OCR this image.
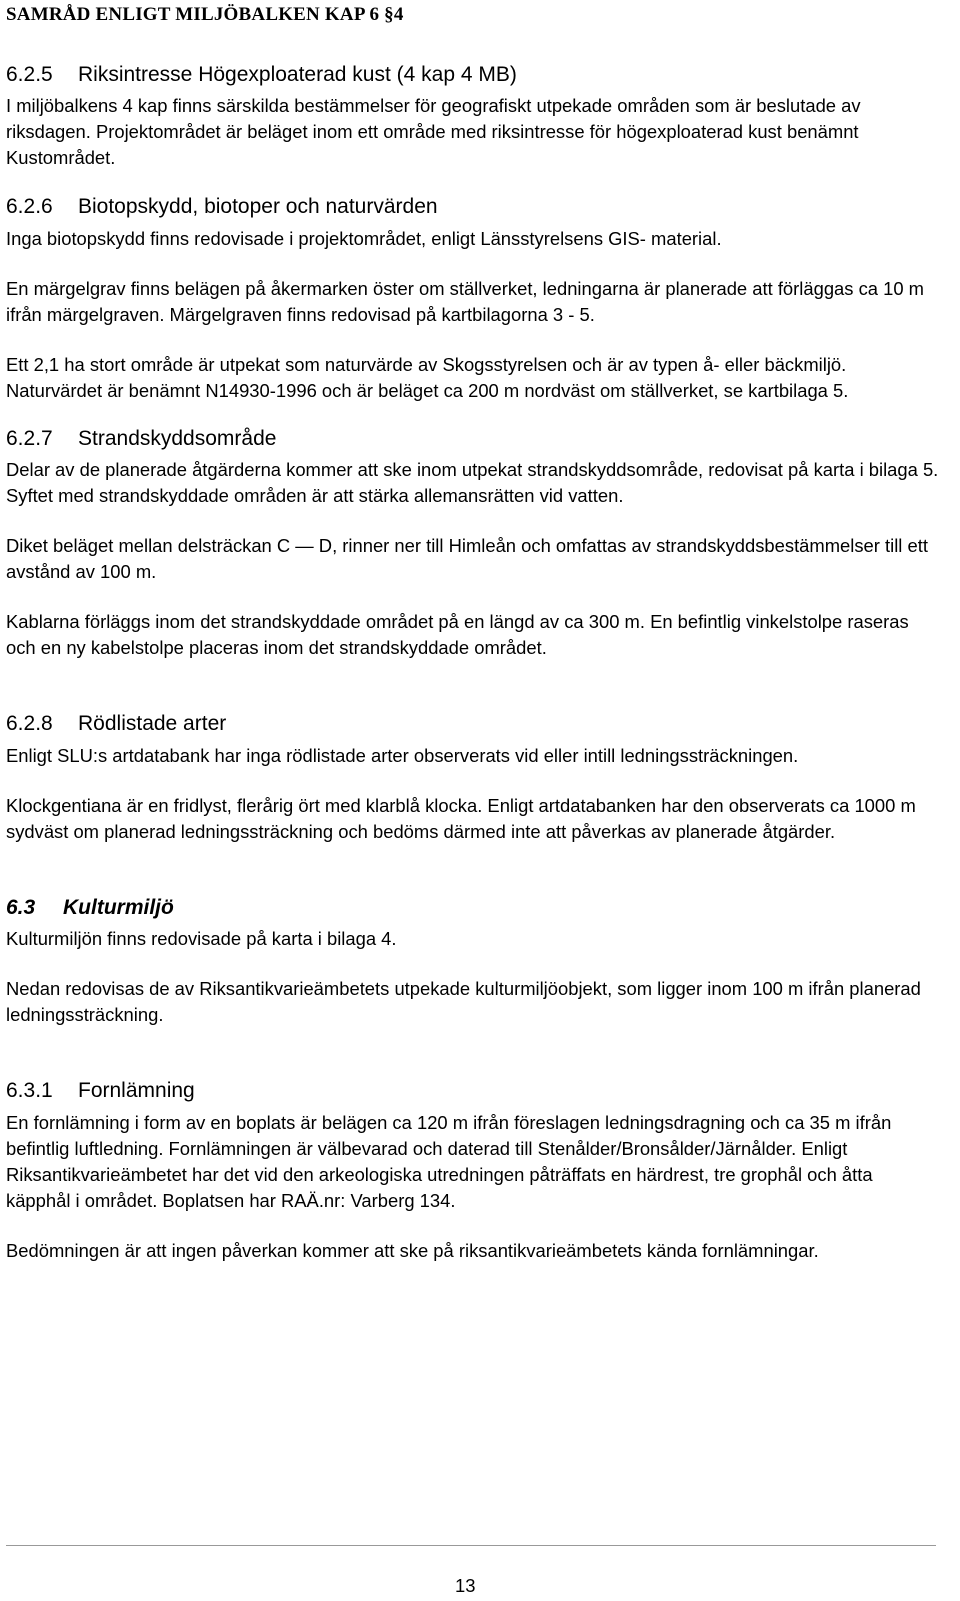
SAMRÅD ENLIGT MILJÖBALKEN KAP 6 §4
6.2.5 Riksintresse Högexploaterad kust (4 kap 4 MB)

I miljöbalkens 4 kap finns särskilda bestämmelser för geografiskt utpekade områden som är beslutade av riksdagen. Projektområdet är beläget inom ett område med riksintresse för högexploaterad kust benämnt Kustområdet.

6.2.6 Biotopskydd, biotoper och naturvärden

Inga biotopskydd finns redovisade i projektområdet, enligt Länsstyrelsens GIS- material.

En märgelgrav finns belägen på åkermarken öster om ställverket, ledningarna är planerade att förläggas ca 10 m ifrån märgelgraven. Märgelgraven finns redovisad på kartbilagorna 3 - 5.

Ett 2,1 ha stort område är utpekat som naturvärde av Skogsstyrelsen och är av typen å- eller bäckmiljö. Naturvärdet är benämnt N14930-1996 och är beläget ca 200 m nordväst om ställverket, se kartbilaga 5.

6.2.7 Strandskyddsområde

Delar av de planerade åtgärderna kommer att ske inom utpekat strandskyddsområde, redovisat på karta i bilaga 5. Syftet med strandskyddade områden är att stärka allemansrätten vid vatten.

Diket beläget mellan delsträckan C — D, rinner ner till Himleån och omfattas av strandskyddsbestämmelser till ett avstånd av 100 m.

Kablarna förläggs inom det strandskyddade området på en längd av ca 300 m. En befintlig vinkelstolpe raseras och en ny kabelstolpe placeras inom det strandskyddade området.

6.2.8 Rödlistade arter

Enligt SLU:s artdatabank har inga rödlistade arter observerats vid eller intill ledningssträckningen.

Klockgentiana är en fridlyst, flerårig ört med klarblå klocka. Enligt artdatabanken har den observerats ca 1000 m sydväst om planerad ledningssträckning och bedöms därmed inte att påverkas av planerade åtgärder.

6.3 Kulturmiljö

Kulturmiljön finns redovisade på karta i bilaga 4.

Nedan redovisas de av Riksantikvarieämbetets utpekade kulturmiljöobjekt, som ligger inom 100 m ifrån planerad ledningssträckning.

6.3.1 Fornlämning

En fornlämning i form av en boplats är belägen ca 120 m ifrån föreslagen ledningsdragning och ca 35 m ifrån befintlig luftledning. Fornlämningen är välbevarad och daterad till Stenålder/Bronsålder/Järnålder. Enligt Riksantikvarieämbetet har det vid den arkeologiska utredningen påträffats en härdrest, tre grophål och åtta käpphål i området. Boplatsen har RAÄ.nr: Varberg 134.

Bedömningen är att ingen påverkan kommer att ske på riksantikvarieämbetets kända fornlämningar.

13
